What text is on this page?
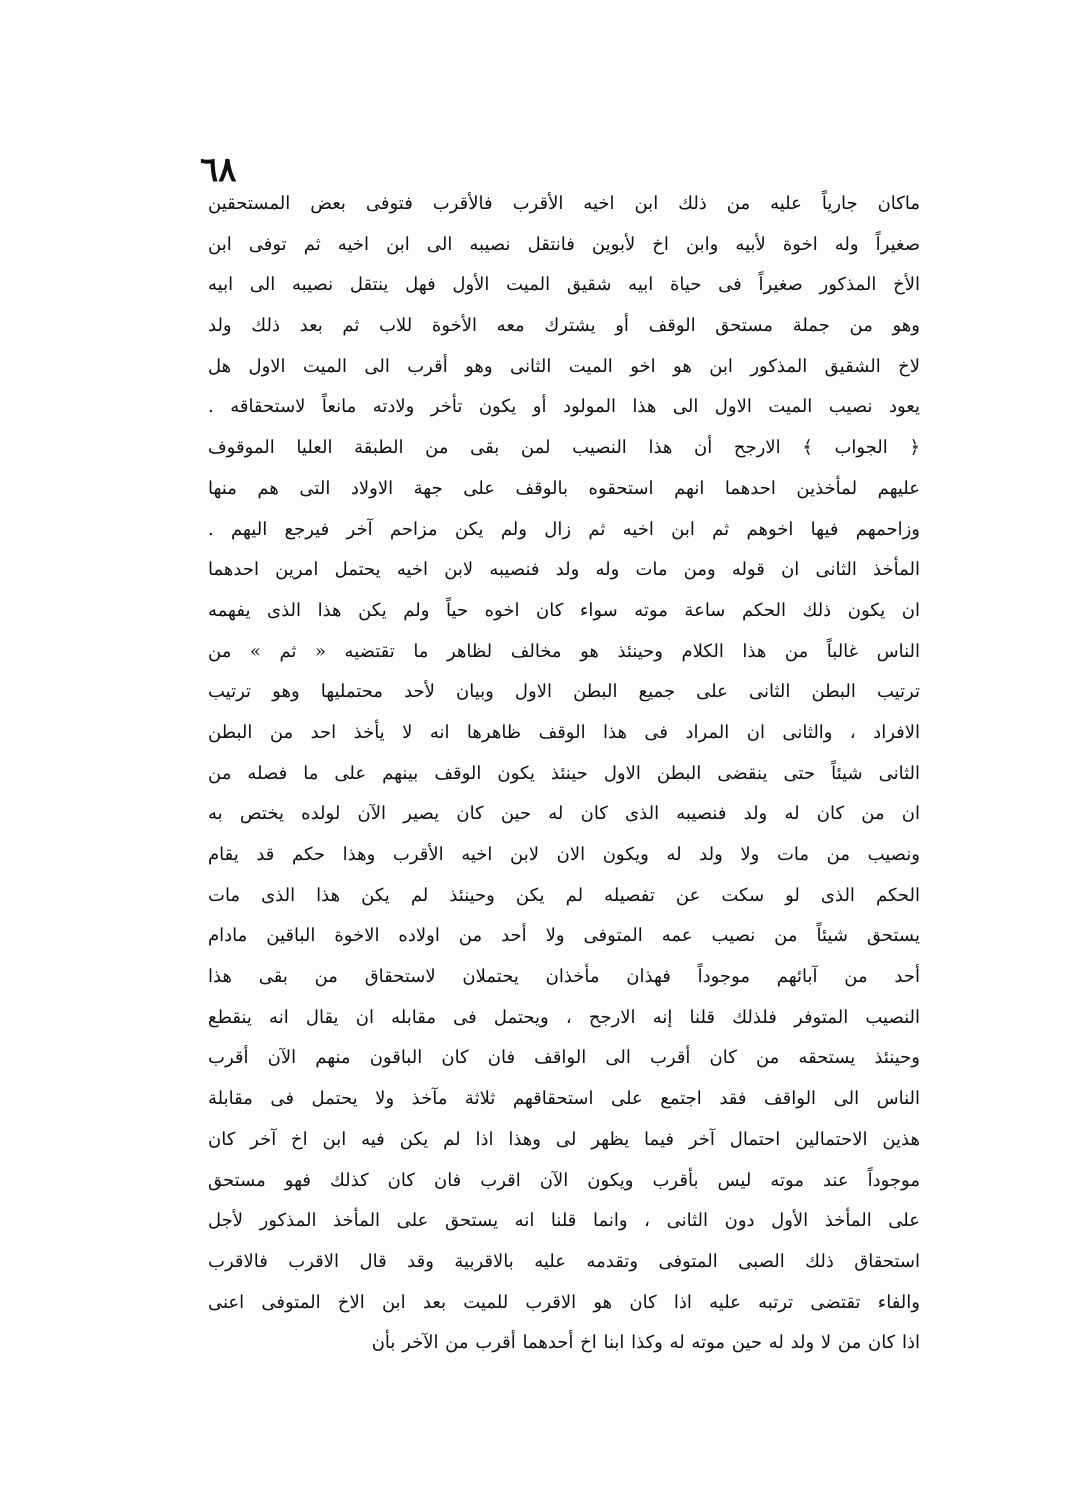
٦٨
ماكان جارياً عليه من ذلك ابن اخيه الأقرب فالأقرب فتوفى بعض المستحقين
صغيراً وله اخوة لأبيه وابن اخ لأبوين فانتقل نصيبه الى ابن اخيه ثم توفى ابن
الأخ المذكور صغيراً فى حياة ابيه شقيق الميت الأول فهل ينتقل نصيبه الى ابيه
وهو من جملة مستحق الوقف أو يشترك معه الأخوة للاب ثم بعد ذلك ولد
لاخ الشقيق المذكور ابن هو اخو الميت الثانى وهو أقرب الى الميت الاول هل
يعود نصيب الميت الاول الى هذا المولود أو يكون تأخر ولادته مانعاً لاستحقاقه .
﴿ الجواب ﴾ الارجح أن هذا النصيب لمن بقى من الطبقة العليا الموقوف
عليهم لمأخذين احدهما انهم استحقوه بالوقف على جهة الاولاد التى هم منها
وزاحمهم فيها اخوهم ثم ابن اخيه ثم زال ولم يكن مزاحم آخر فيرجع اليهم .
المأخذ الثانى ان قوله ومن مات وله ولد فنصيبه لابن اخيه يحتمل امرين احدهما
ان يكون ذلك الحكم ساعة موته سواء كان اخوه حياً ولم يكن هذا الذى يفهمه
الناس غالباً من هذا الكلام وحينئذ هو مخالف لظاهر ما تقتضيه « ثم » من
ترتيب البطن الثانى على جميع البطن الاول وبيان لأحد محتمليها وهو ترتيب
الافراد ، والثانى ان المراد فى هذا الوقف ظاهرها انه لا يأخذ احد من البطن
الثانى شيئاً حتى ينقضى البطن الاول حينئذ يكون الوقف بينهم على ما فصله من
ان من كان له ولد فنصيبه الذى كان له حين كان يصير الآن لولده يختص به
ونصيب من مات ولا ولد له ويكون الان لابن اخيه الأقرب وهذا حكم قد يقام
الحكم الذى لو سكت عن تفصيله لم يكن وحينئذ لم يكن هذا الذى مات
يستحق شيئاً من نصيب عمه المتوفى ولا أحد من اولاده الاخوة الباقين مادام
أحد من آبائهم موجوداً فهذان مأخذان يحتملان لاستحقاق من بقى هذا
النصيب المتوفر فلذلك قلنا إنه الارجح ، ويحتمل فى مقابله ان يقال انه ينقطع
وحينئذ يستحقه من كان أقرب الى الواقف فان كان الباقون منهم الآن أقرب
الناس الى الواقف فقد اجتمع على استحقاقهم ثلاثة مآخذ ولا يحتمل فى مقابلة
هذين الاحتمالين احتمال آخر فيما يظهر لى وهذا اذا لم يكن فيه ابن اخ آخر كان
موجوداً عند موته ليس بأقرب ويكون الآن اقرب فان كان كذلك فهو مستحق
على المأخذ الأول دون الثانى ، وانما قلنا انه يستحق على المأخذ المذكور لأجل
استحقاق ذلك الصبى المتوفى وتقدمه عليه بالاقربية وقد قال الاقرب فالاقرب
والفاء تقتضى ترتبه عليه اذا كان هو الاقرب للميت بعد ابن الاخ المتوفى اعنى
اذا كان من لا ولد له حين موته له وكذا ابنا اخ أحدهما أقرب من الآخر بأن
